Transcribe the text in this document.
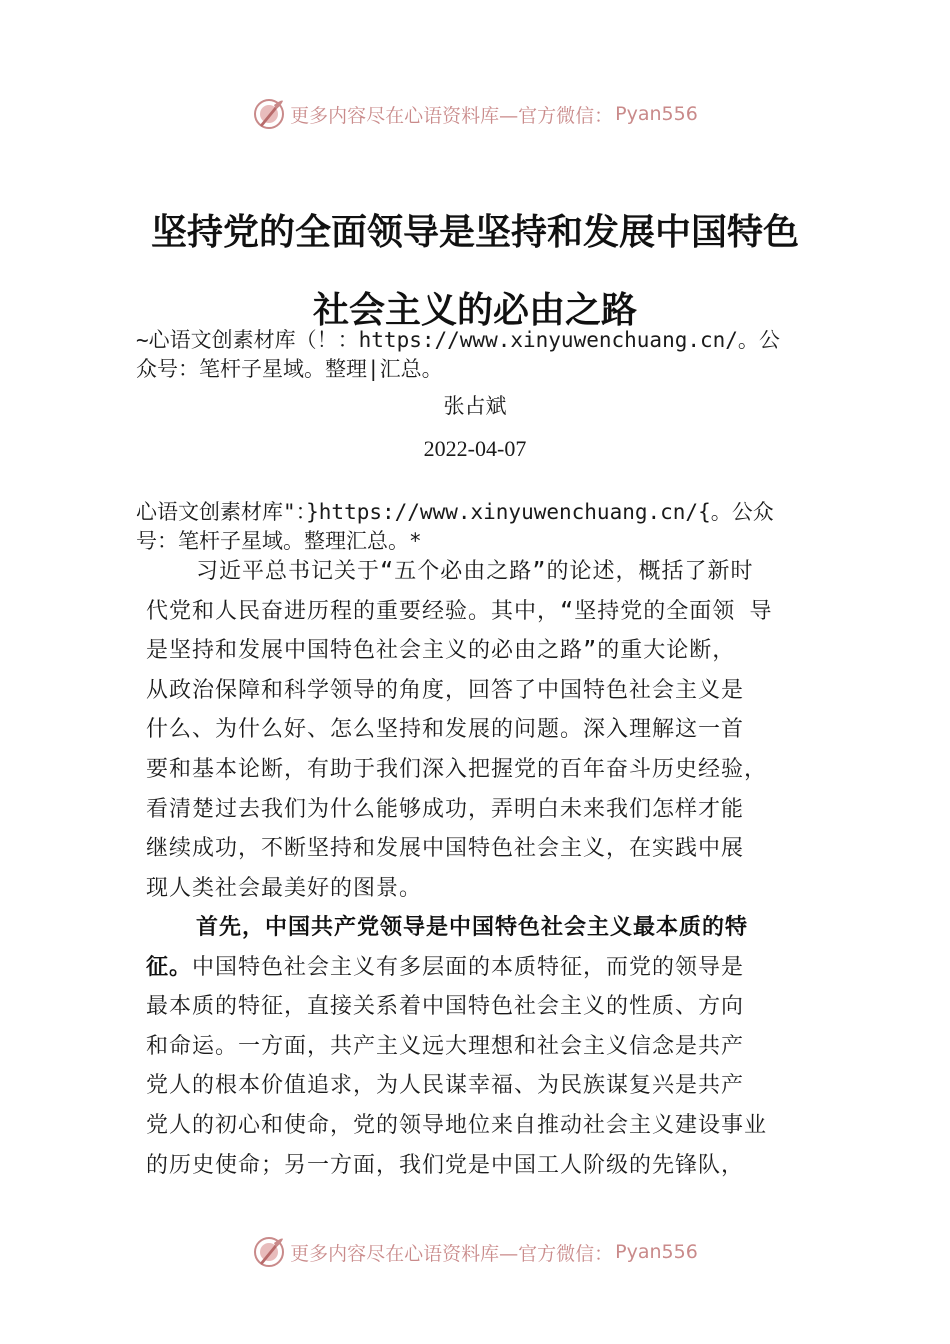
更多内容尽在心语资料库—官方微信： Pyan556
坚持党的全面领导是坚持和发展中国特色
社会主义的必由之路
~心语文创素材库（！：https://www.xinyuwenchuang.cn/。公
众号：笔杆子星域。整理|汇总。
张占斌
2022-04-07
心语文创素材库"：}https://www.xinyuwenchuang.cn/{。公众
号：笔杆子星域。整理汇总。*
习近平总书记关于“五个必由之路”的论述，概括了新时
代党和人民奋进历程的重要经验。其中，“坚持党的全面领 导
是坚持和发展中国特色社会主义的必由之路”的重大论断，
从政治保障和科学领导的角度，回答了中国特色社会主义是
什么、为什么好、怎么坚持和发展的问题。深入理解这一首
要和基本论断，有助于我们深入把握党的百年奋斗历史经验，
看清楚过去我们为什么能够成功，弄明白未来我们怎样才能
继续成功，不断坚持和发展中国特色社会主义，在实践中展
现人类社会最美好的图景。
首先，中国共产党领导是中国特色社会主义最本质的特
征。中国特色社会主义有多层面的本质特征，而党的领导是
最本质的特征，直接关系着中国特色社会主义的性质、方向
和命运。一方面，共产主义远大理想和社会主义信念是共产
党人的根本价值追求，为人民谋幸福、为民族谋复兴是共产
党人的初心和使命，党的领导地位来自推动社会主义建设事业
的历史使命；另一方面，我们党是中国工人阶级的先锋队，
更多内容尽在心语资料库—官方微信： Pyan556
